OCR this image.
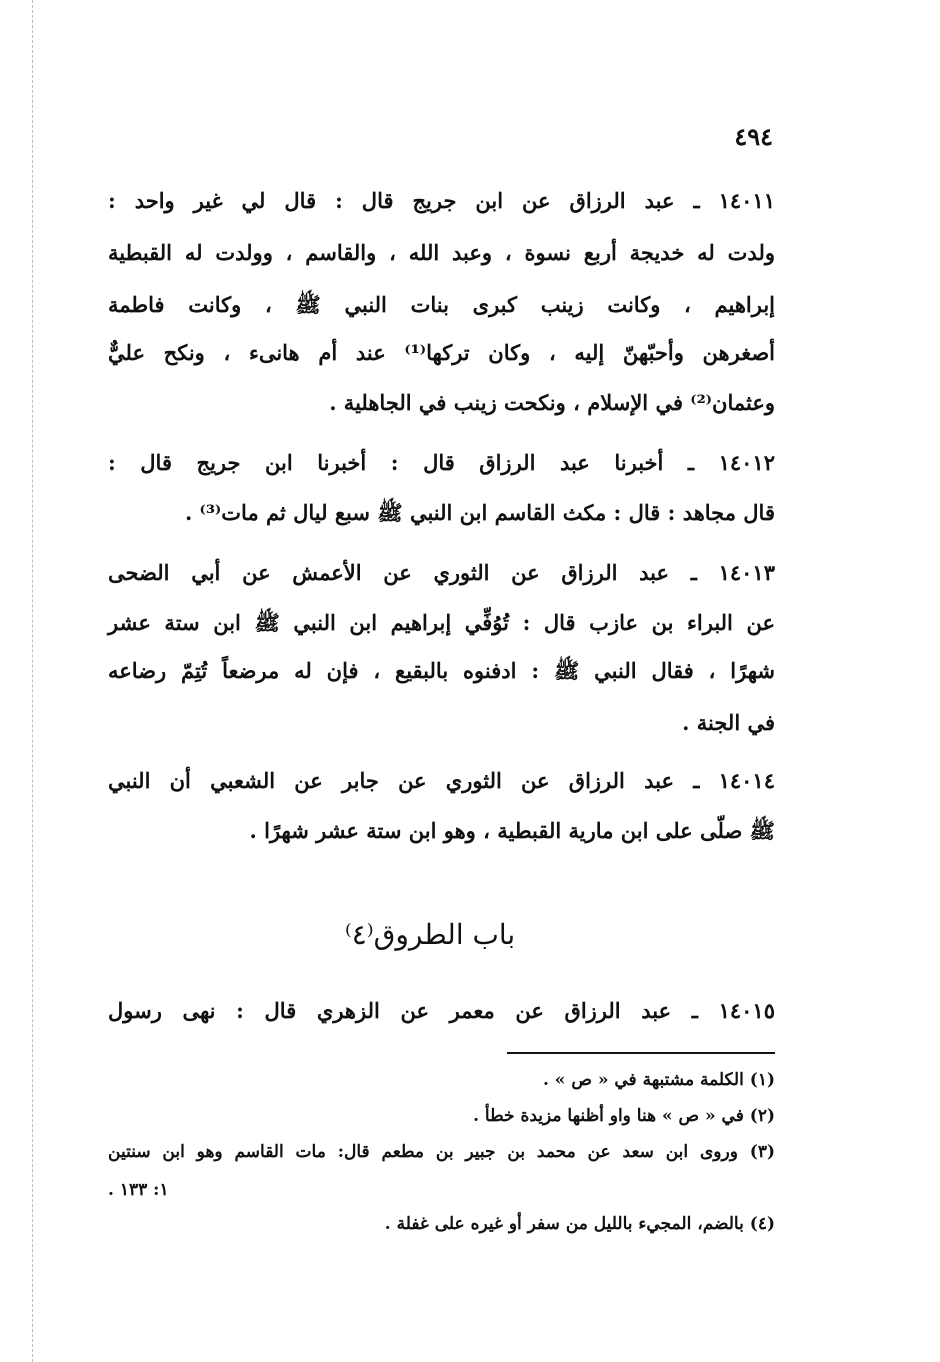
٤٩٤
١٤٠١١ ـ عبد الرزاق عن ابن جريج قال : قال لي غير واحد :
ولدت له خديجة أربع نسوة ، وعبد الله ، والقاسم ، وولدت له القبطية
إبراهيم ، وكانت زينب كبرى بنات النبي ﷺ ، وكانت فاطمة
أصغرهن وأحبّهنّ إليه ، وكان تركها⁽¹⁾ عند أم هانىء ، ونكح عليٌّ
وعثمان⁽²⁾ في الإسلام ، ونكحت زينب في الجاهلية .
١٤٠١٢ ـ أخبرنا عبد الرزاق قال : أخبرنا ابن جريج قال :
قال مجاهد : قال : مكث القاسم ابن النبي ﷺ سبع ليال ثم مات⁽³⁾ .
١٤٠١٣ ـ عبد الرزاق عن الثوري عن الأعمش عن أبي الضحى
عن البراء بن عازب قال : تُوُفِّي إبراهيم ابن النبي ﷺ ابن ستة عشر
شهرًا ، فقال النبي ﷺ : ادفنوه بالبقيع ، فإن له مرضعاً تُتِمّ رضاعه
في الجنة .
١٤٠١٤ ـ عبد الرزاق عن الثوري عن جابر عن الشعبي أن النبي
ﷺ صلّى على ابن مارية القبطية ، وهو ابن ستة عشر شهرًا .
باب الطروق⁽٤⁾
١٤٠١٥ ـ عبد الرزاق عن معمر عن الزهري قال : نهى رسول
(١) الكلمة مشتبهة في « ص » .
(٢) في « ص » هنا واو أظنها مزيدة خطأ .
(٣) وروى ابن سعد عن محمد بن جبير بن مطعم قال: مات القاسم وهو ابن سنتين
١: ١٣٣ .
(٤) بالضم، المجيء بالليل من سفر أو غيره على غفلة .
